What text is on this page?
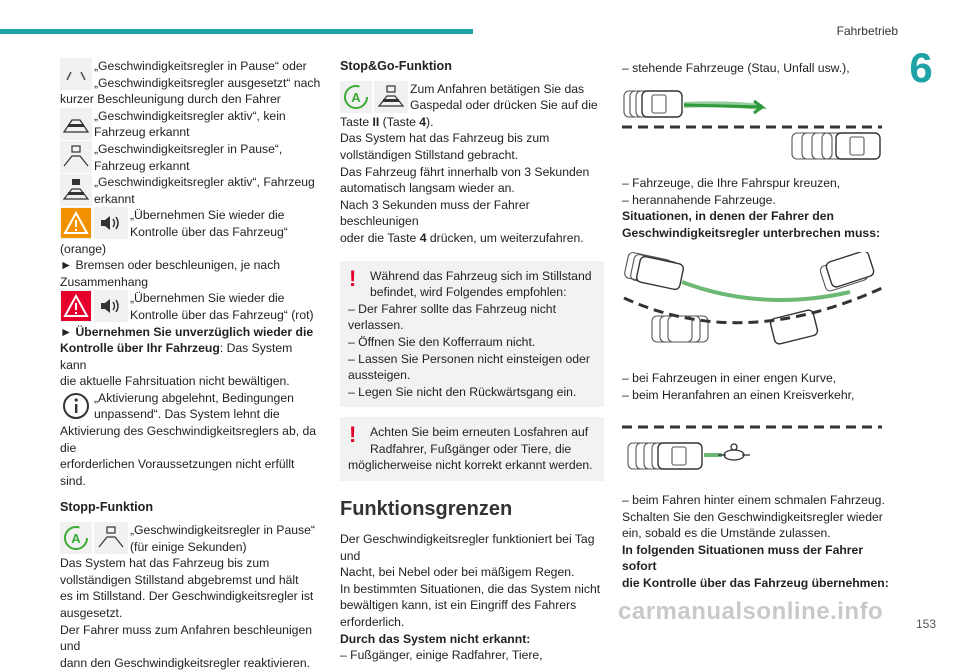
Fahrbetrieb
6

„Geschwindigkeitsregler in Pause“ oder

„Geschwindigkeitsregler ausgesetzt“ nach

kurzer Beschleunigung durch den Fahrer

„Geschwindigkeitsregler aktiv“, kein

Fahrzeug erkannt

„Geschwindigkeitsregler in Pause“,

Fahrzeug erkannt

„Geschwindigkeitsregler aktiv“, Fahrzeug

erkannt

„Übernehmen Sie wieder die

Kontrolle über das Fahrzeug“

(orange)

► Bremsen oder beschleunigen, je nach

Zusammenhang

„Übernehmen Sie wieder die

Kontrolle über das Fahrzeug“ (rot)

► Übernehmen Sie unverzüglich wieder die

Kontrolle über Ihr Fahrzeug: Das System kann

die aktuelle Fahrsituation nicht bewältigen.

„Aktivierung abgelehnt, Bedingungen

unpassend“. Das System lehnt die

Aktivierung des Geschwindigkeitsreglers ab, da die

erforderlichen Voraussetzungen nicht erfüllt sind.

Stopp-Funktion
A

„Geschwindigkeitsregler in Pause“

(für einige Sekunden)

Das System hat das Fahrzeug bis zum

vollständigen Stillstand abgebremst und hält

es im Stillstand. Der Geschwindigkeitsregler ist

ausgesetzt.

Der Fahrer muss zum Anfahren beschleunigen und

dann den Geschwindigkeitsregler reaktivieren.

Stop&Go-Funktion
A

Zum Anfahren betätigen Sie das

Gaspedal oder drücken Sie auf die

Taste II (Taste 4).

Das System hat das Fahrzeug bis zum

vollständigen Stillstand gebracht.

Das Fahrzeug fährt innerhalb von 3 Sekunden

automatisch langsam wieder an.

Nach 3 Sekunden muss der Fahrer beschleunigen

oder die Taste 4 drücken, um weiterzufahren.

!	Während das Fahrzeug sich im Stillstand

befindet, wird Folgendes empfohlen:

– Der Fahrer sollte das Fahrzeug nicht

verlassen.

– Öffnen Sie den Kofferraum nicht.

– Lassen Sie Personen nicht einsteigen oder

aussteigen.

– Legen Sie nicht den Rückwärtsgang ein.

!	Achten Sie beim erneuten Losfahren auf

Radfahrer, Fußgänger oder Tiere, die

möglicherweise nicht korrekt erkannt werden.

Funktionsgrenzen

Der Geschwindigkeitsregler funktioniert bei Tag und

Nacht, bei Nebel oder bei mäßigem Regen.

In bestimmten Situationen, die das System nicht

bewältigen kann, ist ein Eingriff des Fahrers

erforderlich.

Durch das System nicht erkannt:

– Fußgänger, einige Radfahrer, Tiere,

– stehende Fahrzeuge (Stau, Unfall usw.),

– Fahrzeuge, die Ihre Fahrspur kreuzen,

– herannahende Fahrzeuge.

Situationen, in denen der Fahrer den

Geschwindigkeitsregler unterbrechen muss:

– bei Fahrzeugen in einer engen Kurve,

– beim Heranfahren an einen Kreisverkehr,

– beim Fahren hinter einem schmalen Fahrzeug.

Schalten Sie den Geschwindigkeitsregler wieder

ein, sobald es die Umstände zulassen.

In folgenden Situationen muss der Fahrer sofort

die Kontrolle über das Fahrzeug übernehmen:

carmanualsonline.info	153
